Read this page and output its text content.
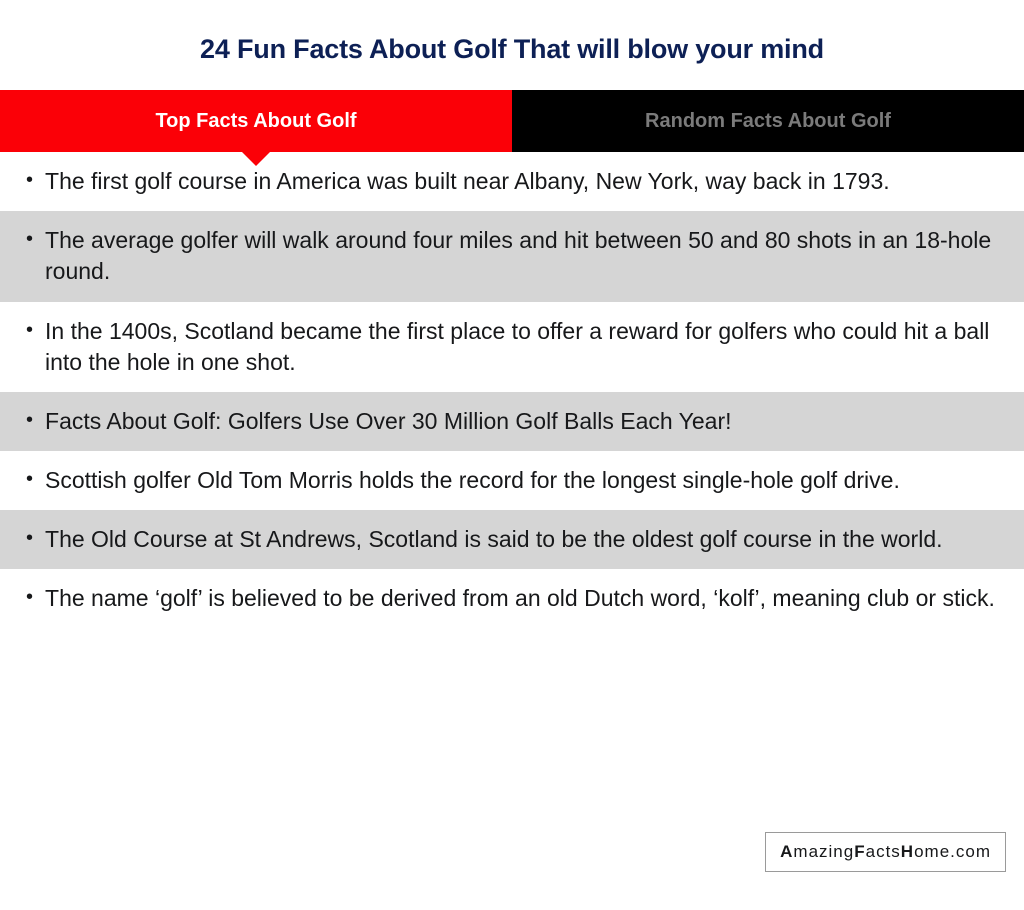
24 Fun Facts About Golf That will blow your mind
Top Facts About Golf	Random Facts About Golf
• The first golf course in America was built near Albany, New York, way back in 1793.
• The average golfer will walk around four miles and hit between 50 and 80 shots in an 18-hole round.
• In the 1400s, Scotland became the first place to offer a reward for golfers who could hit a ball into the hole in one shot.
• Facts About Golf: Golfers Use Over 30 Million Golf Balls Each Year!
• Scottish golfer Old Tom Morris holds the record for the longest single-hole golf drive.
• The Old Course at St Andrews, Scotland is said to be the oldest golf course in the world.
• The name ‘golf’ is believed to be derived from an old Dutch word, ‘kolf’, meaning club or stick.
AmazingFactsHome.com
